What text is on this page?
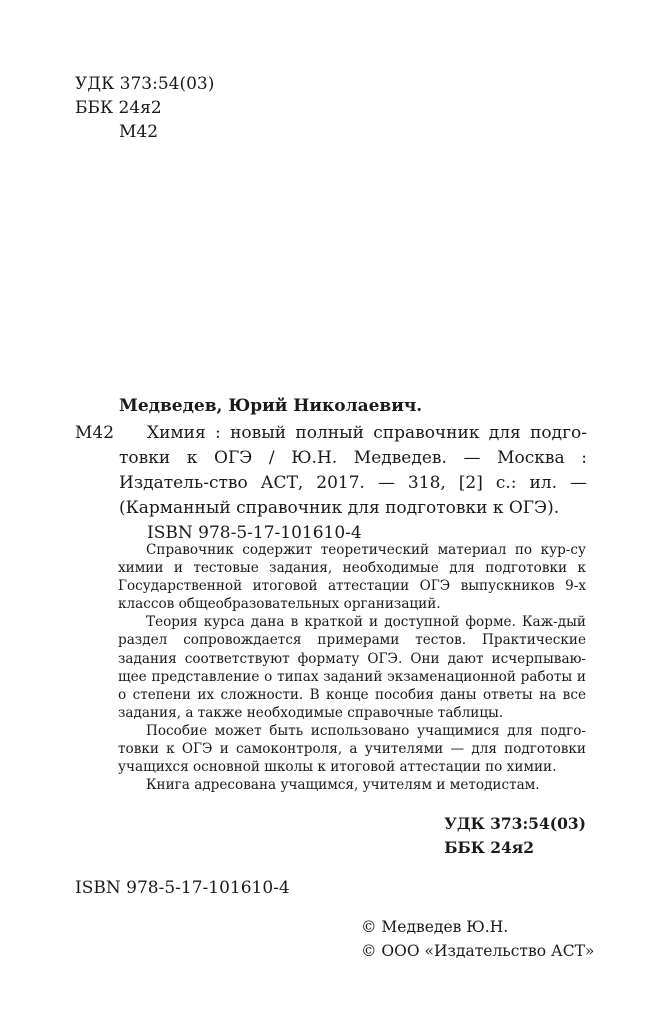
УДК 373:54(03)
ББК 24я2
М42
Медведев, Юрий Николаевич.
М42	Химия : новый полный справочник для подго-товки к ОГЭ / Ю.Н. Медведев. — Москва : Издатель-ство АСТ, 2017. — 318, [2] с.: ил. — (Карманный справочник для подготовки к ОГЭ).
ISBN 978-5-17-101610-4

Справочник содержит теоретический материал по кур-су химии и тестовые задания, необходимые для подготовки к Государственной итоговой аттестации ОГЭ выпускников 9-х классов общеобразовательных организаций.

Теория курса дана в краткой и доступной форме. Каж-дый раздел сопровождается примерами тестов. Практические задания соответствуют формату ОГЭ. Они дают исчерпываю-щее представление о типах заданий экзаменационной работы и о степени их сложности. В конце пособия даны ответы на все задания, а также необходимые справочные таблицы.

Пособие может быть использовано учащимися для подго-товки к ОГЭ и самоконтроля, а учителями — для подготовки учащихся основной школы к итоговой аттестации по химии.

Книга адресована учащимся, учителям и методистам.

УДК 373:54(03)
ББК 24я2
ISBN 978-5-17-101610-4
© Медведев Ю.Н.
© ООО «Издательство АСТ»
